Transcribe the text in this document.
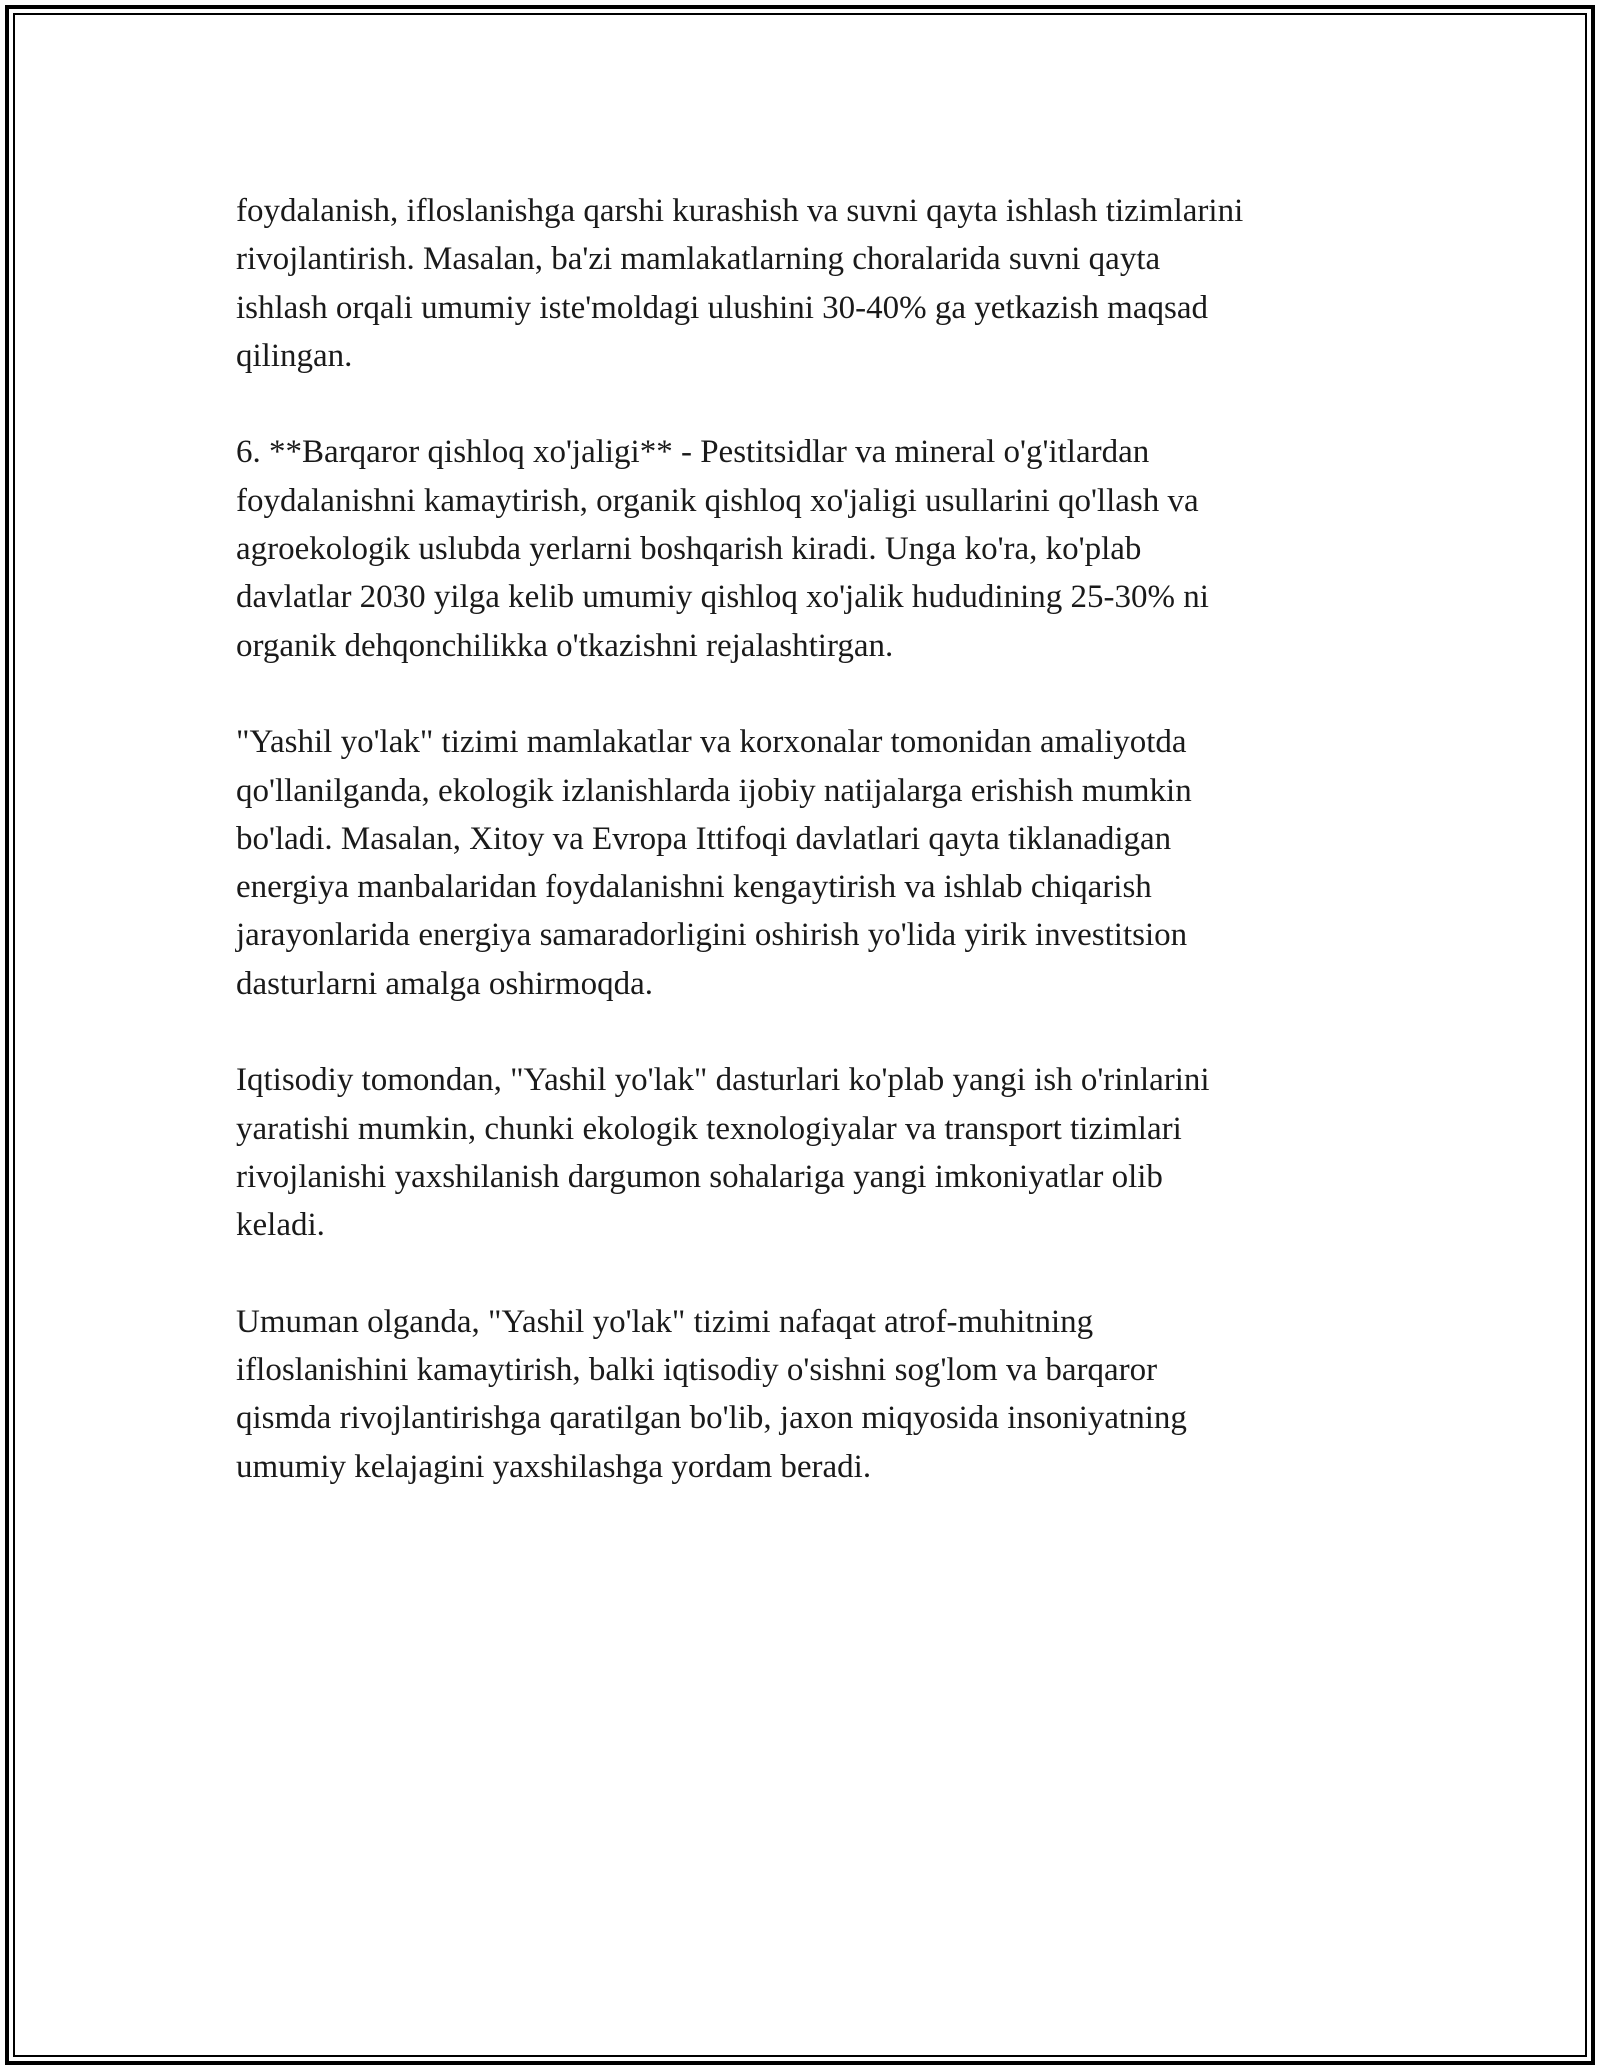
foydalanish, ifloslanishga qarshi kurashish va suvni qayta ishlash tizimlarini
rivojlantirish. Masalan, ba'zi mamlakatlarning choralarida suvni qayta
ishlash orqali umumiy iste'moldagi ulushini 30-40% ga yetkazish maqsad
qilingan.

6. **Barqaror qishloq xo'jaligi** - Pestitsidlar va mineral o'g'itlardan
foydalanishni kamaytirish, organik qishloq xo'jaligi usullarini qo'llash va
agroekologik uslubda yerlarni boshqarish kiradi. Unga ko'ra, ko'plab
davlatlar 2030 yilga kelib umumiy qishloq xo'jalik hududining 25-30% ni
organik dehqonchilikka o'tkazishni rejalashtirgan.

"Yashil yo'lak" tizimi mamlakatlar va korxonalar tomonidan amaliyotda
qo'llanilganda, ekologik izlanishlarda ijobiy natijalarga erishish mumkin
bo'ladi. Masalan, Xitoy va Evropa Ittifoqi davlatlari qayta tiklanadigan
energiya manbalaridan foydalanishni kengaytirish va ishlab chiqarish
jarayonlarida energiya samaradorligini oshirish yo'lida yirik investitsion
dasturlarni amalga oshirmoqda.

Iqtisodiy tomondan, "Yashil yo'lak" dasturlari ko'plab yangi ish o'rinlarini
yaratishi mumkin, chunki ekologik texnologiyalar va transport tizimlari
rivojlanishi yaxshilanish dargumon sohalariga yangi imkoniyatlar olib
keladi.

Umuman olganda, "Yashil yo'lak" tizimi nafaqat atrof-muhitning
ifloslanishini kamaytirish, balki iqtisodiy o'sishni sog'lom va barqaror
qismda rivojlantirishga qaratilgan bo'lib, jaxon miqyosida insoniyatning
umumiy kelajagini yaxshilashga yordam beradi.
